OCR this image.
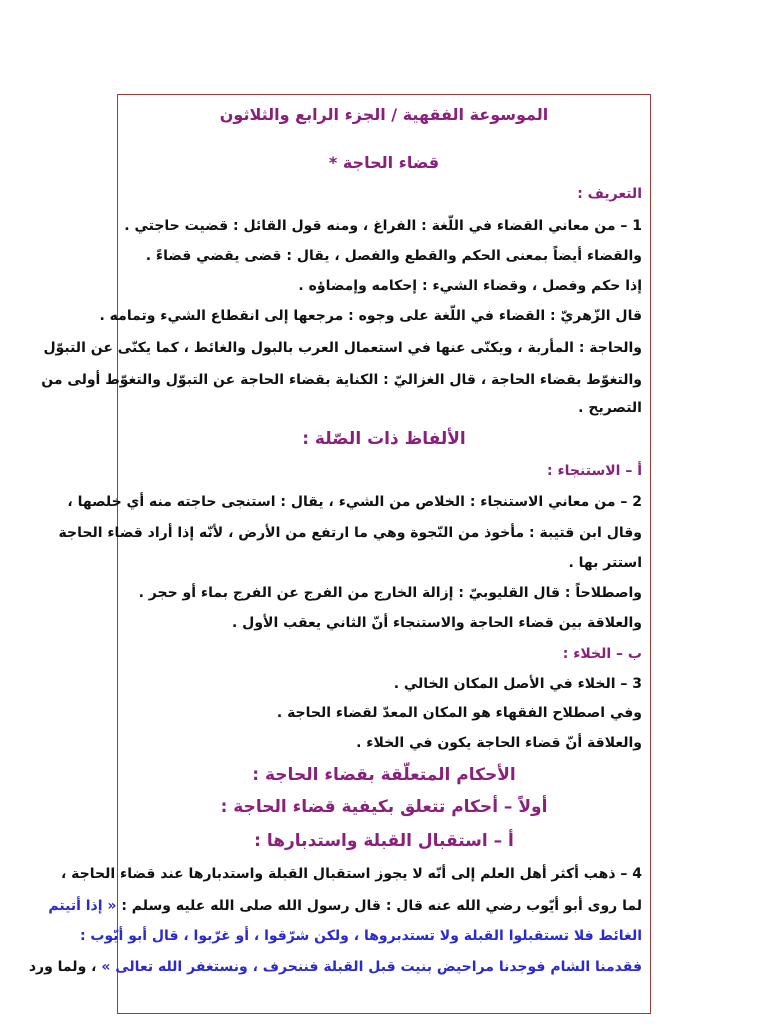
الموسوعة الفقهية / الجزء الرابع والثلاثون
قضاء الحاجة *
التعريف :
1 – من معاني القضاء في اللّغة : الفراغ ، ومنه قول القائل : قضيت حاجتي .
والقضاء أيضاً بمعنى الحكم والقطع والفصل ، يقال : قضى يقضي قضاءً .
إذا حكم وفصل ، وقضاء الشيء : إحكامه وإمضاؤه .
قال الزّهريّ : القضاء في اللّغة على وجوه : مرجعها إلى انقطاع الشيء وتمامه .
والحاجة : المأربة ، ويكنّى عنها في استعمال العرب بالبول والغائط ، كما يكنّى عن التبوّل
والتغوّط بقضاء الحاجة ، قال الغزاليّ : الكناية بقضاء الحاجة عن التبوّل والتغوّط أولى من
التصريح .
الألفاظ ذات الصّلة :
أ – الاستنجاء :
2 – من معاني الاستنجاء : الخلاص من الشيء ، يقال : استنجى حاجته منه أي خلصها ،
وقال ابن قتيبة : مأخوذ من النّجوة وهي ما ارتفع من الأرض ، لأنّه إذا أراد قضاء الحاجة
استتر بها .
واصطلاحاً : قال القليوبيّ : إزالة الخارج من الفرج عن الفرج بماء أو حجر .
والعلاقة بين قضاء الحاجة والاستنجاء أنّ الثاني يعقب الأول .
ب – الخلاء :
3 – الخلاء في الأصل المكان الخالي .
وفي اصطلاح الفقهاء هو المكان المعدّ لقضاء الحاجة .
والعلاقة أنّ قضاء الحاجة يكون في الخلاء .
الأحكام المتعلّقة بقضاء الحاجة :
أولاً – أحكام تتعلق بكيفية قضاء الحاجة :
أ – استقبال القبلة واستدبارها :
4 – ذهب أكثر أهل العلم إلى أنّه لا يجوز استقبال القبلة واستدبارها عند قضاء الحاجة ،
لما روى أبو أيّوب رضي الله عنه قال : قال رسول الله صلى الله عليه وسلم : « إذا أتيتم
الغائط فلا تستقبلوا القبلة ولا تستدبروها ، ولكن شرّقوا ، أو غرّبوا ، قال أبو أيّوب :
فقدمنا الشام فوجدنا مراحيض بنيت قبل القبلة فننحرف ، ونستغفر الله تعالى » ، ولما ورد
